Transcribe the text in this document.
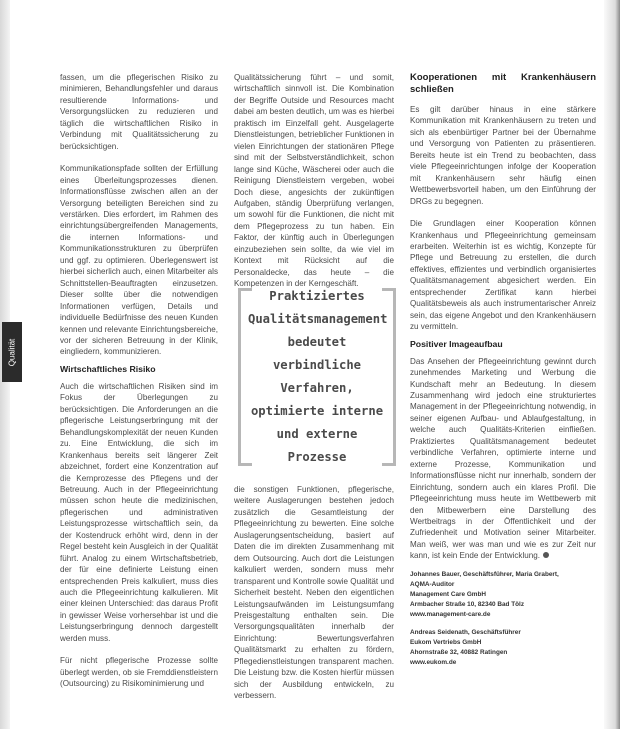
Qualität

fassen, um die pflegerischen Risiko zu minimieren, Behandlungsfehler und daraus resultierende Informations- und Versorgungslücken zu reduzieren und täglich die wirtschaftlichen Risiko in Verbindung mit Qualitätssicherung zu berücksichtigen.

Kommunikationspfade sollten der Erfüllung eines Überleitungsprozesses dienen. Informationsflüsse zwischen allen an der Versorgung beteiligten Bereichen sind zu verstärken. Dies erfordert, im Rahmen des einrichtungsübergreifenden Managements, die internen Informations- und Kommunikationsstrukturen zu überprüfen und ggf. zu optimieren. Überlegenswert ist hierbei sicherlich auch, einen Mitarbeiter als Schnittstellen-Beauftragten einzusetzen. Dieser sollte über die notwendigen Informationen verfügen, Details und individuelle Bedürfnisse des neuen Kunden kennen und relevante Einrichtungsbereiche, vor der sicheren Betreuung in der Klinik, eingliedern, kommunizieren.

Wirtschaftliches Risiko

Auch die wirtschaftlichen Risiken sind im Fokus der Überlegungen zu berücksichtigen. Die Anforderungen an die pflegerische Leistungserbringung mit der Behandlungskomplexität der neuen Kunden zu. Eine Entwicklung, die sich im Krankenhaus bereits seit längerer Zeit abzeichnet, fordert eine Konzentration auf die Kernprozesse des Pflegens und der Betreuung. Auch in der Pflegeeinrichtung müssen schon heute die medizinischen, pflegerischen und administrativen Leistungsprozesse wirtschaftlich sein, da der Kostendruck erhöht wird, denn in der Regel besteht kein Ausgleich in der Qualität führt. Analog zu einem Wirtschaftsbetrieb, der für eine definierte Leistung einen entsprechenden Preis kalkuliert, muss dies auch die Pflegeeinrichtung kalkulieren. Mit einer kleinen Unterschied: das daraus Profit in gewisser Weise vorhersehbar ist und die Leistungserbringung dennoch dargestellt werden muss.

Für nicht pflegerische Prozesse sollte überlegt werden, ob sie Fremddienstleistern (Outsourcing) zu Risikominimierung und

Qualitätssicherung führt – und somit, wirtschaftlich sinnvoll ist. Die Kombination der Begriffe Outside und Resources macht dabei am besten deutlich, um was es hierbei praktisch im Einzelfall geht. Ausgelagerte Dienstleistungen, betrieblicher Funktionen in vielen Einrichtungen der stationären Pflege sind mit der Selbstverständlichkeit, schon lange sind Küche, Wäscherei oder auch die Reinigung Dienstleistern vergeben, wobei Doch diese, angesichts der zukünftigen Aufgaben, ständig Überprüfung verlangen, um sowohl für die Funktionen, die nicht mit dem Pflegeprozess zu tun haben. Ein Faktor, der künftig auch in Überlegungen einzubeziehen sein sollte, da wie viel im Kontext mit Rücksicht auf die Personaldecke, das heute – die Kompetenzen in der Kerngeschäft.

Praktiziertes Qualitätsmanagement bedeutet verbindliche Verfahren, optimierte interne und externe Prozesse

die sonstigen Funktionen, pflegerische, weitere Auslagerungen bestehen jedoch zusätzlich die Gesamtleistung der Pflegeeinrichtung zu bewerten. Eine solche Auslagerungsentscheidung, basiert auf Daten die im direkten Zusammenhang mit dem Outsourcing. Auch dort die Leistungen kalkuliert werden, sondern muss mehr transparent und Kontrolle sowie Qualität und Sicherheit besteht. Neben den eigentlichen Leistungsaufwänden im Leistungsumfang Preisgestaltung enthalten sein. Die Versorgungsqualitäten innerhalb der Einrichtung: Bewertungsverfahren Qualitätsmarkt zu erhalten zu fördern, Pflegedienstleistungen transparent machen. Die Leistung bzw. die Kosten hierfür müssen sich der Ausbildung entwickeln, zu verbessern.

Kooperationen mit Krankenhäusern schließen

Es gilt darüber hinaus in eine stärkere Kommunikation mit Krankenhäusern zu treten und sich als ebenbürtiger Partner bei der Übernahme und Versorgung von Patienten zu präsentieren. Bereits heute ist ein Trend zu beobachten, dass viele Pflegeeinrichtungen infolge der Kooperation mit Krankenhäusern sehr häufig einen Wettbewerbsvorteil haben, um den Einführung der DRGs zu begegnen.

Die Grundlagen einer Kooperation können Krankenhaus und Pflegeeinrichtung gemeinsam erarbeiten. Weiterhin ist es wichtig, Konzepte für Pflege und Betreuung zu erstellen, die durch effektives, effizientes und verbindlich organisiertes Qualitätsmanagement abgesichert werden. Ein entsprechender Zertifikat kann hierbei Qualitätsbeweis als auch instrumentarischer Anreiz sein, das eigene Angebot und den Krankenhäusern zu vermitteln.

Positiver Imageaufbau

Das Ansehen der Pflegeeinrichtung gewinnt durch zunehmendes Marketing und Werbung die Kundschaft mehr an Bedeutung. In diesem Zusammenhang wird jedoch eine strukturiertes Management in der Pflegeeinrichtung notwendig, in seiner eigenen Aufbau- und Ablaufgestaltung, in welche auch Qualitäts-Kriterien einfließen. Praktiziertes Qualitätsmanagement bedeutet verbindliche Verfahren, optimierte interne und externe Prozesse, Kommunikation und Informationsflüsse nicht nur innerhalb, sondern der Einrichtung, sondern auch ein klares Profil. Die Pflegeeinrichtung muss heute im Wettbewerb mit den Mitbewerbern eine Darstellung des Wertbeitrags in der Öffentlichkeit und der Zufriedenheit und Motivation seiner Mitarbeiter. Man weiß, wer was man und wie es zur Zeit nur kann, ist kein Ende der Entwicklung.

Johannes Bauer, Geschäftsführer, Maria Grabert,

AQMA-Auditor

Management Care GmbH

Armbacher Straße 10, 82340 Bad Tölz

www.management-care.de

Andreas Seidenath, Geschäftsführer

Eukom Vertriebs GmbH

Ahornstraße 32, 40882 Ratingen

www.eukom.de
